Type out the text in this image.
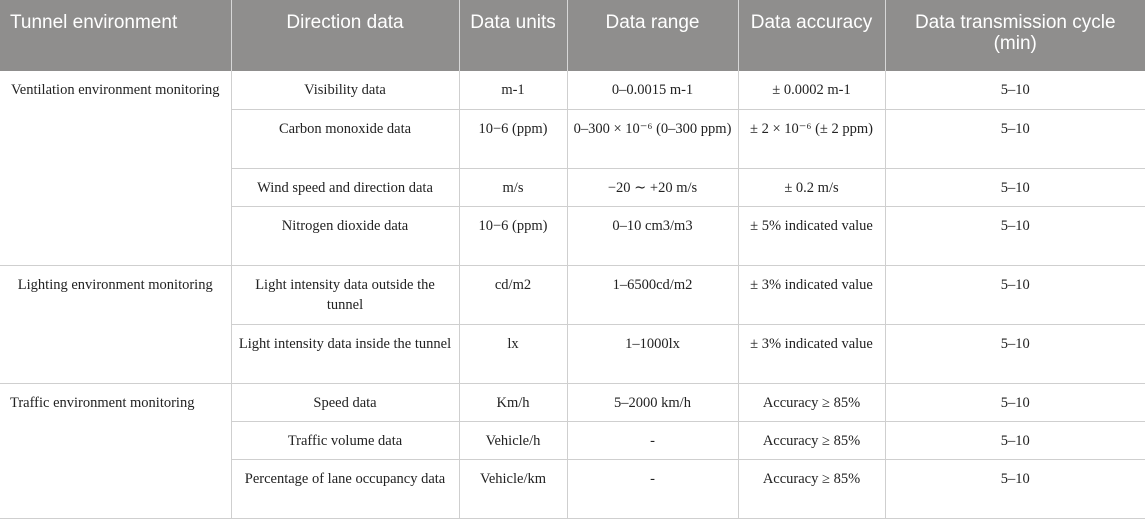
Tunnel environment	Direction data	Data units	Data range	Data accuracy	Data transmission cycle (min)
Ventilation environment monitoring	Visibility data	m-1	0–0.0015 m-1	± 0.0002 m-1	5–10
	Carbon monoxide data	10−6 (ppm)	0–300 × 10⁻⁶ (0–300 ppm)	± 2 × 10⁻⁶ (± 2 ppm)	5–10
	Wind speed and direction data	m/s	−20 ∼ +20 m/s	± 0.2 m/s	5–10
	Nitrogen dioxide data	10−6 (ppm)	0–10 cm3/m3	± 5% indicated value	5–10
Lighting environment monitoring	Light intensity data outside the tunnel	cd/m2	1–6500cd/m2	± 3% indicated value	5–10
	Light intensity data inside the tunnel	lx	1–1000lx	± 3% indicated value	5–10
Traffic environment monitoring	Speed data	Km/h	5–2000 km/h	Accuracy ≥ 85%	5–10
	Traffic volume data	Vehicle/h	-	Accuracy ≥ 85%	5–10
	Percentage of lane occupancy data	Vehicle/km	-	Accuracy ≥ 85%	5–10
